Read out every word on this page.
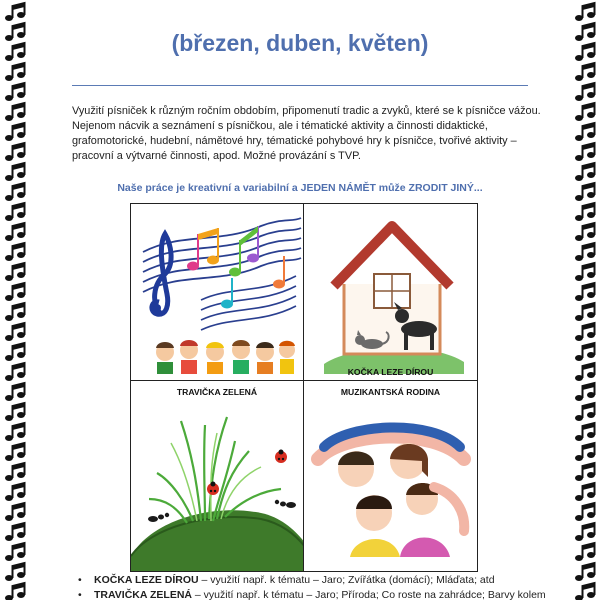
(březen, duben, květen)
Využití písniček k různým ročním obdobím, připomenutí tradic a zvyků, které se k písničce vážou. Nejenom nácvik a seznámení s písničkou, ale i tématické aktivity a činnosti didaktické, grafomotorické, hudební, námětové hry, tématické pohybové hry k písničce, tvořivé aktivity – pracovní a výtvarné činnosti, apod. Možné provázání s TVP.
Naše práce je kreativní a variabilní a JEDEN NÁMĚT může ZRODIT JINÝ...
KOČKA LEZE DÍROU
TRAVIČKA ZELENÁ	MUZIKANTSKÁ RODINA
• KOČKA LEZE DÍROU – využití např. k tématu – Jaro; Zvířátka (domácí); Mláďata; atd
• TRAVIČKA ZELENÁ – využití např. k tématu – Jaro; Příroda; Co roste na zahrádce; Barvy kolem
